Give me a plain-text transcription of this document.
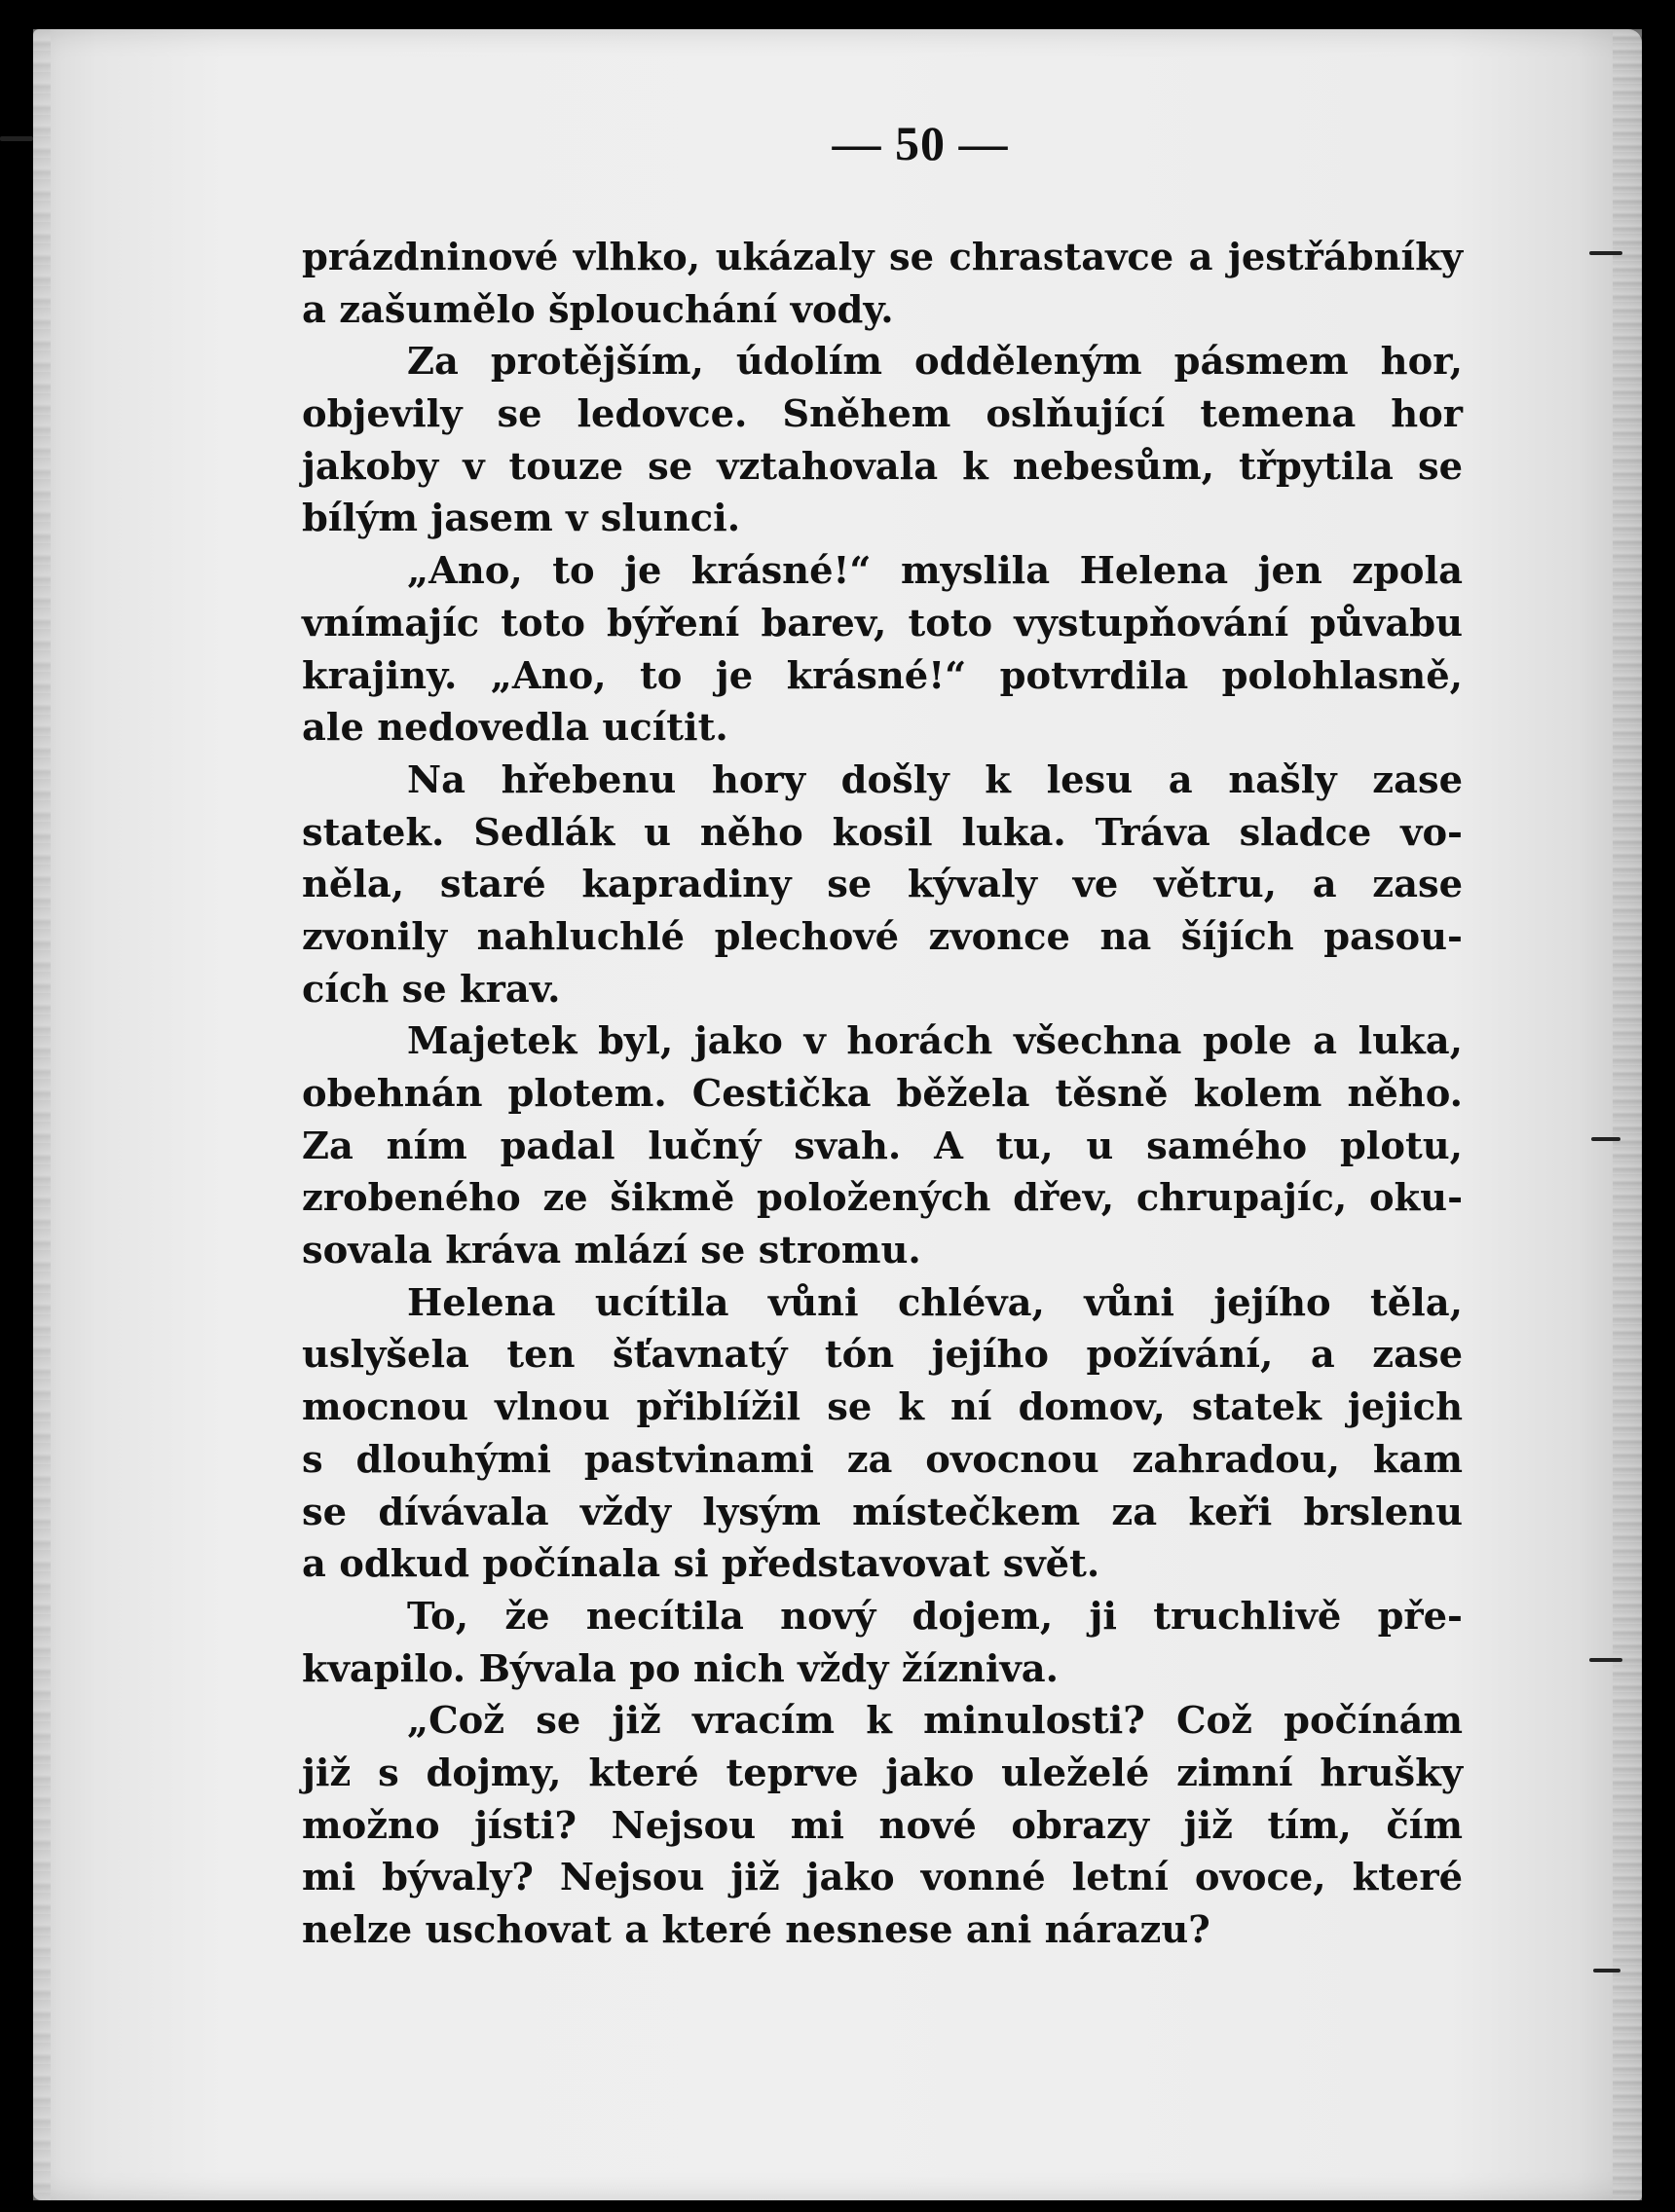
— 50 —
prázdninové vlhko, ukázaly se chrastavce a jestřábníky
a zašumělo šplouchání vody.
Za protějším, údolím odděleným pásmem hor,
objevily se ledovce. Sněhem oslňující temena hor
jakoby v touze se vztahovala k nebesům, třpytila se
bílým jasem v slunci.
„Ano, to je krásné!“ myslila Helena jen zpola
vnímajíc toto býření barev, toto vystupňování půvabu
krajiny. „Ano, to je krásné!“ potvrdila polohlasně,
ale nedovedla ucítit.
Na hřebenu hory došly k lesu a našly zase
statek. Sedlák u něho kosil luka. Tráva sladce vo-
něla, staré kapradiny se kývaly ve větru, a zase
zvonily nahluchlé plechové zvonce na šíjích pasou-
cích se krav.
Majetek byl, jako v horách všechna pole a luka,
obehnán plotem. Cestička běžela těsně kolem něho.
Za ním padal lučný svah. A tu, u samého plotu,
zrobeného ze šikmě položených dřev, chrupajíc, oku-
sovala kráva mlází se stromu.
Helena ucítila vůni chléva, vůni jejího těla,
uslyšela ten šťavnatý tón jejího požívání, a zase
mocnou vlnou přiblížil se k ní domov, statek jejich
s dlouhými pastvinami za ovocnou zahradou, kam
se dívávala vždy lysým místečkem za keři brslenu
a odkud počínala si představovat svět.
To, že necítila nový dojem, ji truchlivě pře-
kvapilo. Bývala po nich vždy žízniva.
„Což se již vracím k minulosti? Což počínám
již s dojmy, které teprve jako uleželé zimní hrušky
možno jísti? Nejsou mi nové obrazy již tím, čím
mi bývaly? Nejsou již jako vonné letní ovoce, které
nelze uschovat a které nesnese ani nárazu?
